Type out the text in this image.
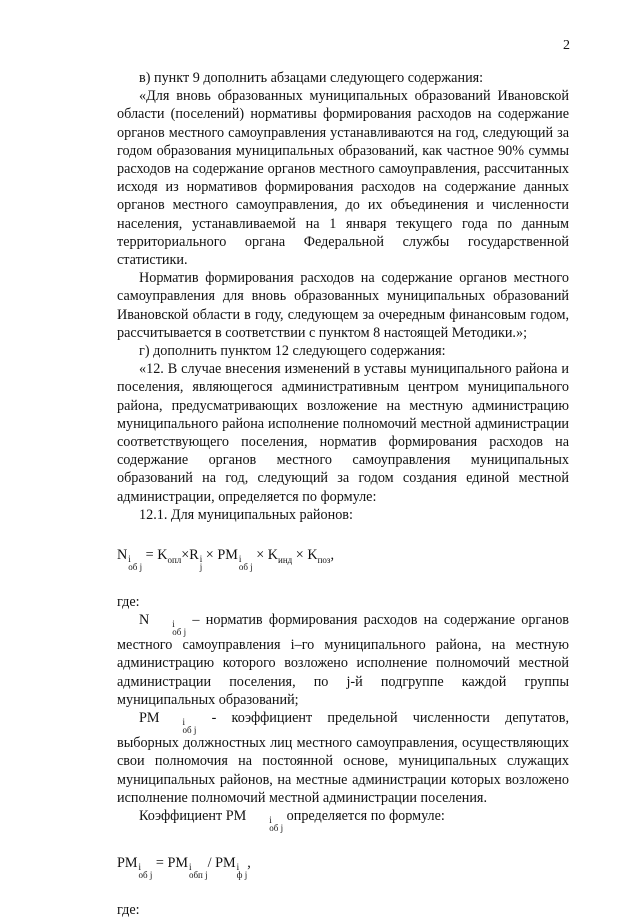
2

в) пункт 9 дополнить абзацами следующего содержания:

«Для вновь образованных муниципальных образований Ивановской области (поселений) нормативы формирования расходов на содержание органов местного самоуправления устанавливаются на год, следующий за годом образования муниципальных образований, как частное 90% суммы расходов на содержание органов местного самоуправления, рассчитанных исходя из нормативов формирования расходов на содержание данных органов местного самоуправления, до их объединения и численности населения, устанавливаемой на 1 января текущего года по данным территориального органа Федеральной службы государственной статистики.

Норматив формирования расходов на содержание органов местного самоуправления для вновь образованных муниципальных образований Ивановской области в году, следующем за очередным финансовым годом, рассчитывается в соответствии с пунктом 8 настоящей Методики.»;

г) дополнить пунктом 12 следующего содержания:

«12. В случае внесения изменений в уставы муниципального района и поселения, являющегося административным центром муниципального района, предусматривающих возложение на местную администрацию муниципального района исполнение полномочий местной администрации соответствующего поселения, норматив формирования расходов на содержание органов местного самоуправления муниципальных образований на год, следующий за годом создания единой местной администрации, определяется по формуле:

12.1. Для муниципальных районов:

N i
об j
= $K_{опл}\times R$ i
j
× PM i
об j
× $K_{инд} \times K_{поз}$,

где:

N	i
об j
– норматив формирования расходов на содержание органов местного самоуправления i–го муниципального района, на местную администрацию которого возложено исполнение полномочий местной администрации поселения, по j-й подгруппе каждой группы муниципальных образований;

PM	i
об j
- коэффициент предельной численности депутатов, выборных должностных лиц местного самоуправления, осуществляющих свои полномочия на постоянной основе, муниципальных служащих муниципальных районов, на местные администрации которых возложено исполнение полномочий местной администрации поселения.

Коэффициент PM	i
об j
определяется по формуле:

PM i
об j
= PM i
обп j
/ PM i
ф j
,

где:
